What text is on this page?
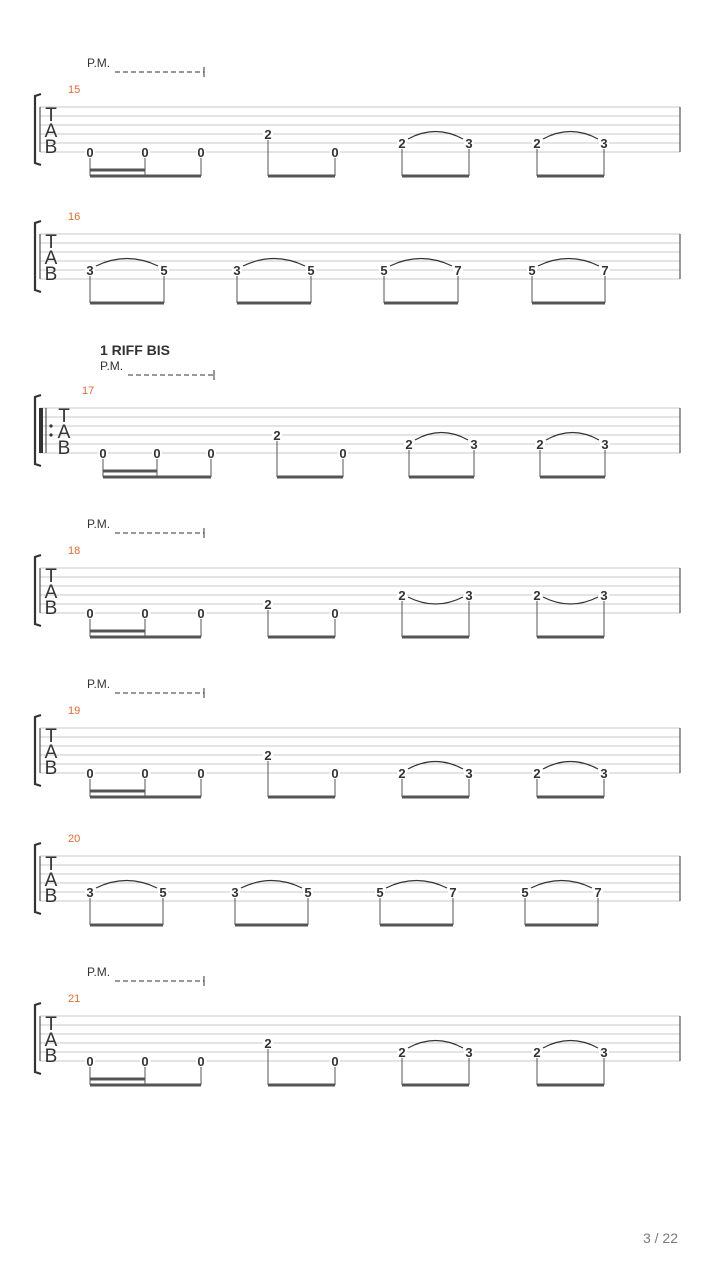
T
A
B
15
P.M.
0	0	0
2
0
2	3	2	3
T
A
B
16
3	5	3	5	5	7	5	7
T
A
B
17
1 RIFF BIS
P.M.
0	0	0
2
0
2	3	2	3
T
A
B
18
P.M.
0	0	0
2
0
2	3	2	3
T
A
B
19
P.M.
0	0	0
2
0	2	3	2	3
T
A
B
20
3	5	3	5	5	7	5	7
T
A
B
21
P.M.
0	0	0
2
0
2	3	2	3
3 / 22
